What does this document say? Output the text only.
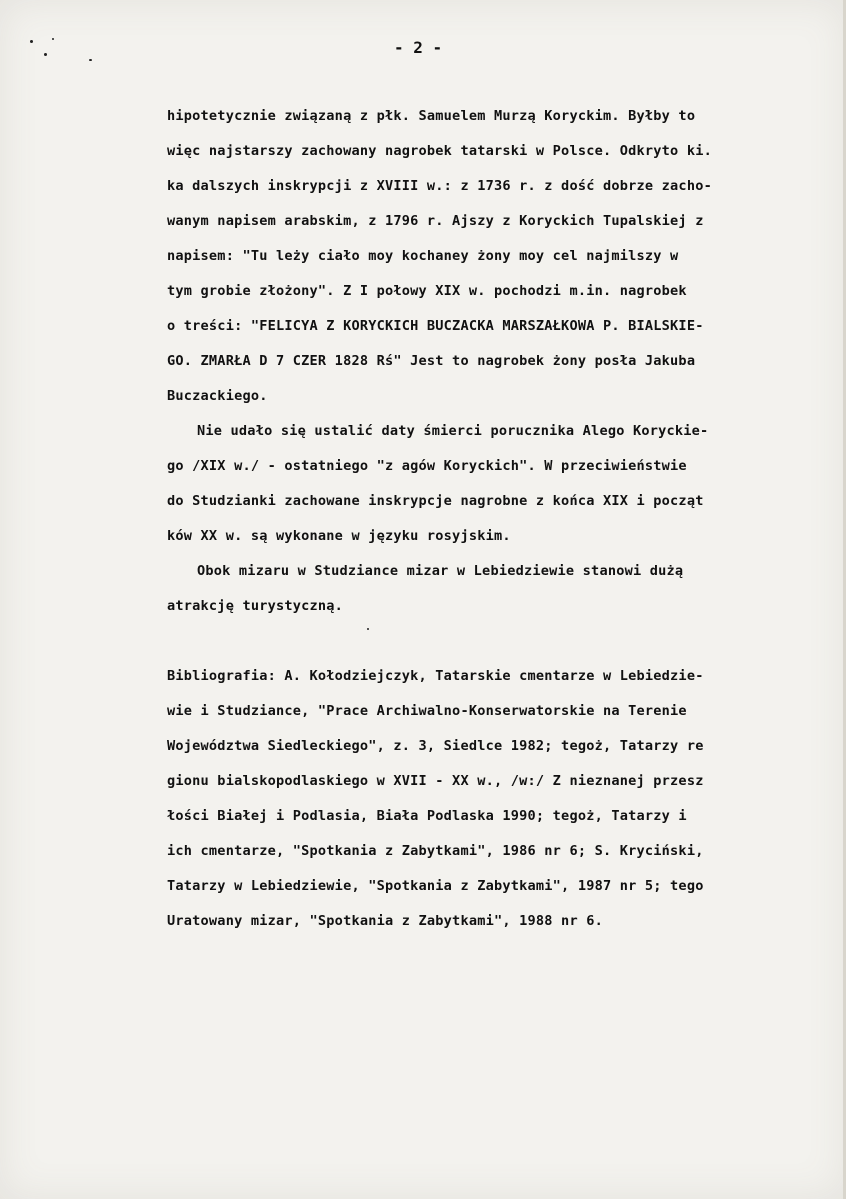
- 2 -
hipotetycznie związaną z płk. Samuelem Murzą Koryckim. Byłby to
więc najstarszy zachowany nagrobek tatarski w Polsce. Odkryto ki.
ka dalszych inskrypcji z XVIII w.: z 1736 r. z dość dobrze zacho-
wanym napisem arabskim, z 1796 r. Ajszy z Koryckich Tupalskiej z
napisem: "Tu leży ciało moy kochaney żony moy cel najmilszy w
tym grobie złożony". Z I połowy XIX w. pochodzi m.in. nagrobek
o treści: "FELICYA Z KORYCKICH BUCZACKA MARSZAŁKOWA P. BIALSKIE-
GO. ZMARŁA D 7 CZER 1828 Rś" Jest to nagrobek żony posła Jakuba
Buczackiego.
Nie udało się ustalić daty śmierci porucznika Alego Koryckie-
go /XIX w./ - ostatniego "z agów Koryckich". W przeciwieństwie
do Studzianki zachowane inskrypcje nagrobne z końca XIX i począt
ków XX w. są wykonane w języku rosyjskim.
Obok mizaru w Studziance mizar w Lebiedziewie stanowi dużą
atrakcję turystyczną.
Bibliografia: A. Kołodziejczyk, Tatarskie cmentarze w Lebiedzie-
wie i Studziance, "Prace Archiwalno-Konserwatorskie na Terenie
Województwa Siedleckiego", z. 3, Siedlce 1982; tegoż, Tatarzy re
gionu bialskopodlaskiego w XVII - XX w., /w:/ Z nieznanej przesz
łości Białej i Podlasia, Biała Podlaska 1990; tegoż, Tatarzy i
ich cmentarze, "Spotkania z Zabytkami", 1986 nr 6; S. Kryciński,
Tatarzy w Lebiedziewie, "Spotkania z Zabytkami", 1987 nr 5; tego
Uratowany mizar, "Spotkania z Zabytkami", 1988 nr 6.
